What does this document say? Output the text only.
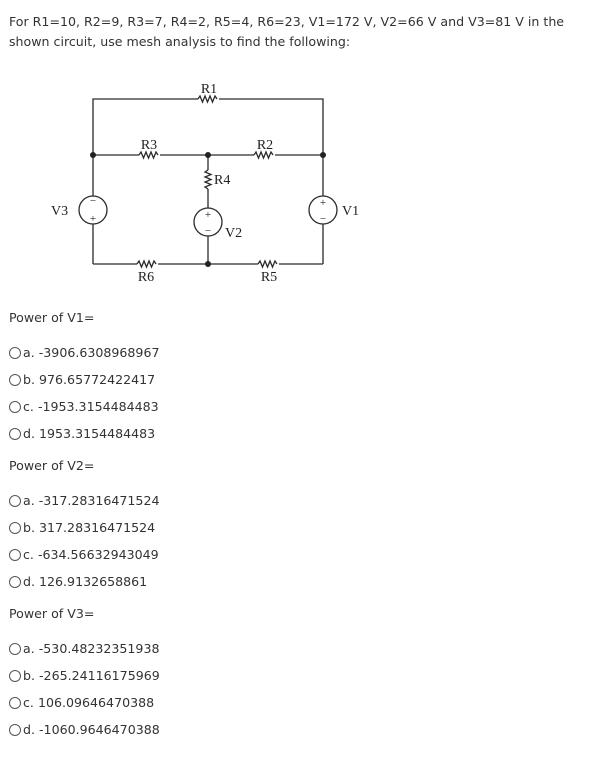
For R1=10, R2=9, R3=7, R4=2, R5=4, R6=23, V1=172 V, V2=66 V and V3=81 V in the shown circuit, use mesh analysis to find the following:

−
+
+
−
+
−
R1
R3	R2
R4
V2
V3	V1
R6	R5
Power of V1=
a.
-3906.6308968967
b.
976.65772422417
c.
-1953.3154484483
d.
1953.3154484483
Power of V2=
a.
-317.28316471524
b.
317.28316471524
c.
-634.56632943049
d.
126.9132658861
Power of V3=
a.
-530.48232351938
b.
-265.24116175969
c.
106.09646470388
d.
-1060.9646470388
